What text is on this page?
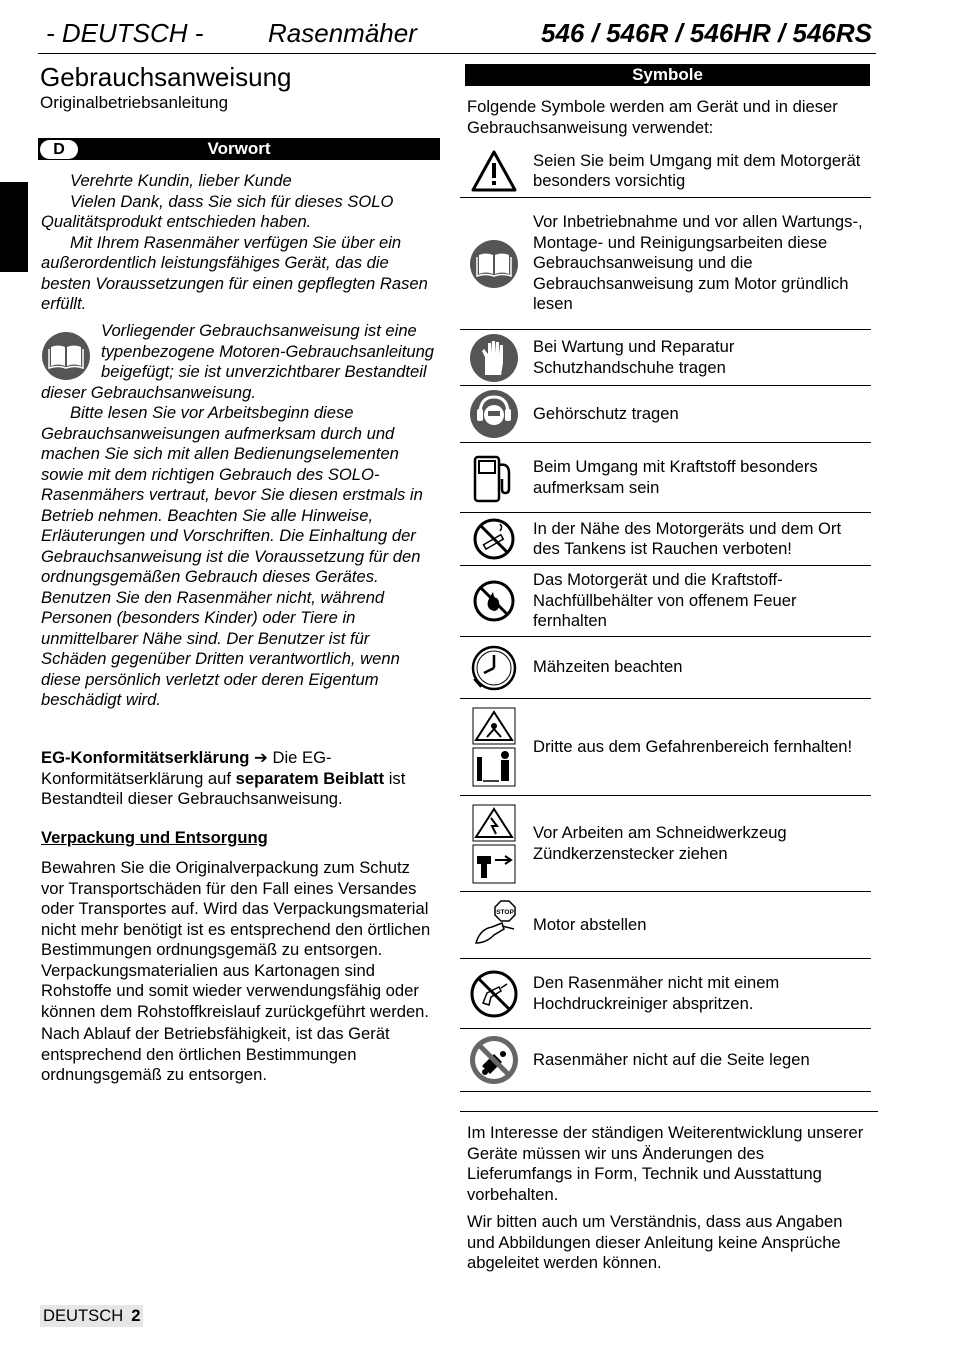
- DEUTSCH - Rasenmäher	546 / 546R / 546HR / 546RS
Gebrauchsanweisung
Originalbetriebsanleitung
Vorwort
D
Verehrte Kundin, lieber Kunde
Vielen Dank, dass Sie sich für dieses SOLO Qualitätsprodukt entschieden haben.
Mit Ihrem Rasenmäher verfügen Sie über ein außerordentlich leistungsfähiges Gerät, das die besten Voraussetzungen für einen gepflegten Rasen erfüllt.
Vorliegender Gebrauchsanweisung ist eine typenbezogene Motoren-Gebrauchsanleitung beigefügt; sie ist unverzichtbarer Bestandteil dieser Gebrauchsanweisung.
Bitte lesen Sie vor Arbeitsbeginn diese Gebrauchsanweisungen aufmerksam durch und machen Sie sich mit allen Bedienungselementen sowie mit dem richtigen Gebrauch des SOLO-Rasenmähers vertraut, bevor Sie diesen erstmals in Betrieb nehmen. Beachten Sie alle Hinweise, Erläuterungen und Vorschriften. Die Einhaltung der Gebrauchsanweisung ist die Voraussetzung für den ordnungsgemäßen Gebrauch dieses Gerätes. Benutzen Sie den Rasenmäher nicht, während Personen (besonders Kinder) oder Tiere in unmittelbarer Nähe sind. Der Benutzer ist für Schäden gegenüber Dritten verantwortlich, wenn diese persönlich verletzt oder deren Eigentum beschädigt wird.
EG-Konformitätserklärung ➔ Die EG-Konformitätserklärung auf separatem Beiblatt ist Bestandteil dieser Gebrauchsanweisung.
Verpackung und Entsorgung
Bewahren Sie die Originalverpackung zum Schutz vor Transportschäden für den Fall eines Versandes oder Transportes auf. Wird das Verpackungsmaterial nicht mehr benötigt ist es entsprechend den örtlichen Bestimmungen ordnungsgemäß zu entsorgen. Verpackungsmaterialien aus Kartonagen sind Rohstoffe und somit wieder verwendungsfähig oder können dem Rohstoffkreislauf zurückgeführt werden.
Nach Ablauf der Betriebsfähigkeit, ist das Gerät entsprechend den örtlichen Bestimmungen ordnungsgemäß zu entsorgen.
DEUTSCH 2
Symbole
Folgende Symbole werden am Gerät und in dieser Gebrauchsanweisung verwendet:
Seien Sie beim Umgang mit dem Motorgerät besonders vorsichtig
Vor Inbetriebnahme und vor allen Wartungs-, Montage- und Reinigungsarbeiten diese Gebrauchsanweisung und die Gebrauchsanweisung zum Motor gründlich lesen
Bei Wartung und Reparatur Schutzhandschuhe tragen
Gehörschutz tragen
Beim Umgang mit Kraftstoff besonders aufmerksam sein
In der Nähe des Motorgeräts und dem Ort des Tankens ist Rauchen verboten!
Das Motorgerät und die Kraftstoff-Nachfüllbehälter von offenem Feuer fernhalten
Mähzeiten beachten
Dritte aus dem Gefahrenbereich fernhalten!
Vor Arbeiten am Schneidwerkzeug Zündkerzenstecker ziehen
STOP
Motor abstellen
Den Rasenmäher nicht mit einem Hochdruckreiniger abspritzen.
Rasenmäher nicht auf die Seite legen
Im Interesse der ständigen Weiterentwicklung unserer Geräte müssen wir uns Änderungen des Lieferumfangs in Form, Technik und Ausstattung vorbehalten.
Wir bitten auch um Verständnis, dass aus Angaben und Abbildungen dieser Anleitung keine Ansprüche abgeleitet werden können.
